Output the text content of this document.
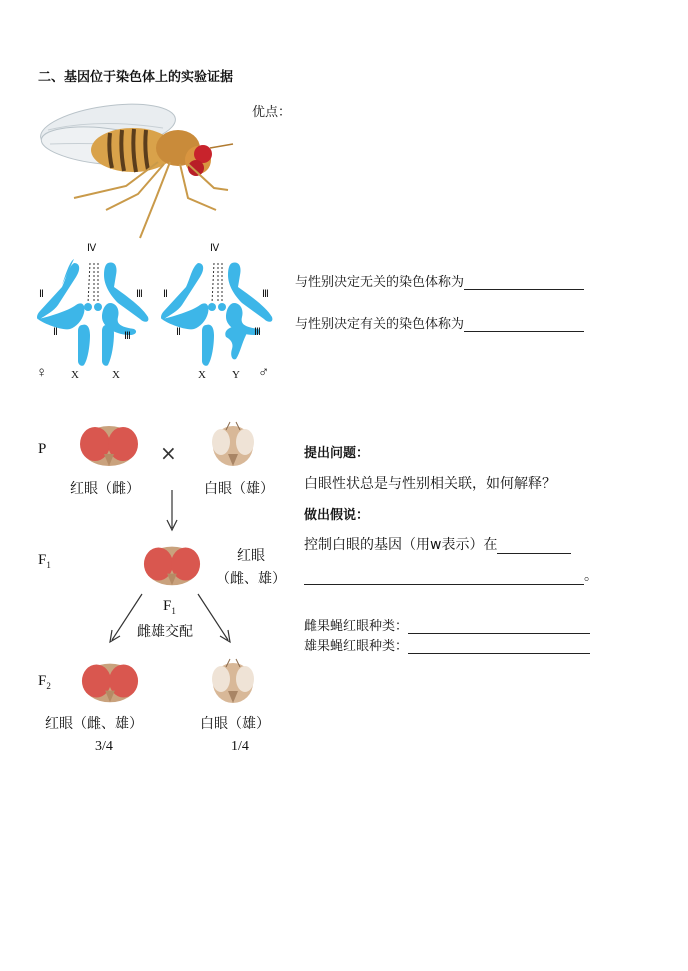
二、基因位于染色体上的实验证据
优点：
Ⅳ
Ⅱ	Ⅲ
Ⅱ	Ⅲ
♀ X	X
Ⅳ
Ⅱ	Ⅲ
Ⅱ	Ⅲ
X Y ♂
与性别决定无关的染色体称为
与性别决定有关的染色体称为
P	×
红眼（雌）	白眼（雄）
$F_1$
红眼
（雌、雄）
$F_1$
雌雄交配
$F_2$
红眼（雌、雄）	白眼（雄）
3/4	1/4
提出问题：
白眼性状总是与性别相关联，如何解释？
做出假说：
控制白眼的基因（用w表示）在
。
雌果蝇红眼种类：
雄果蝇红眼种类：
